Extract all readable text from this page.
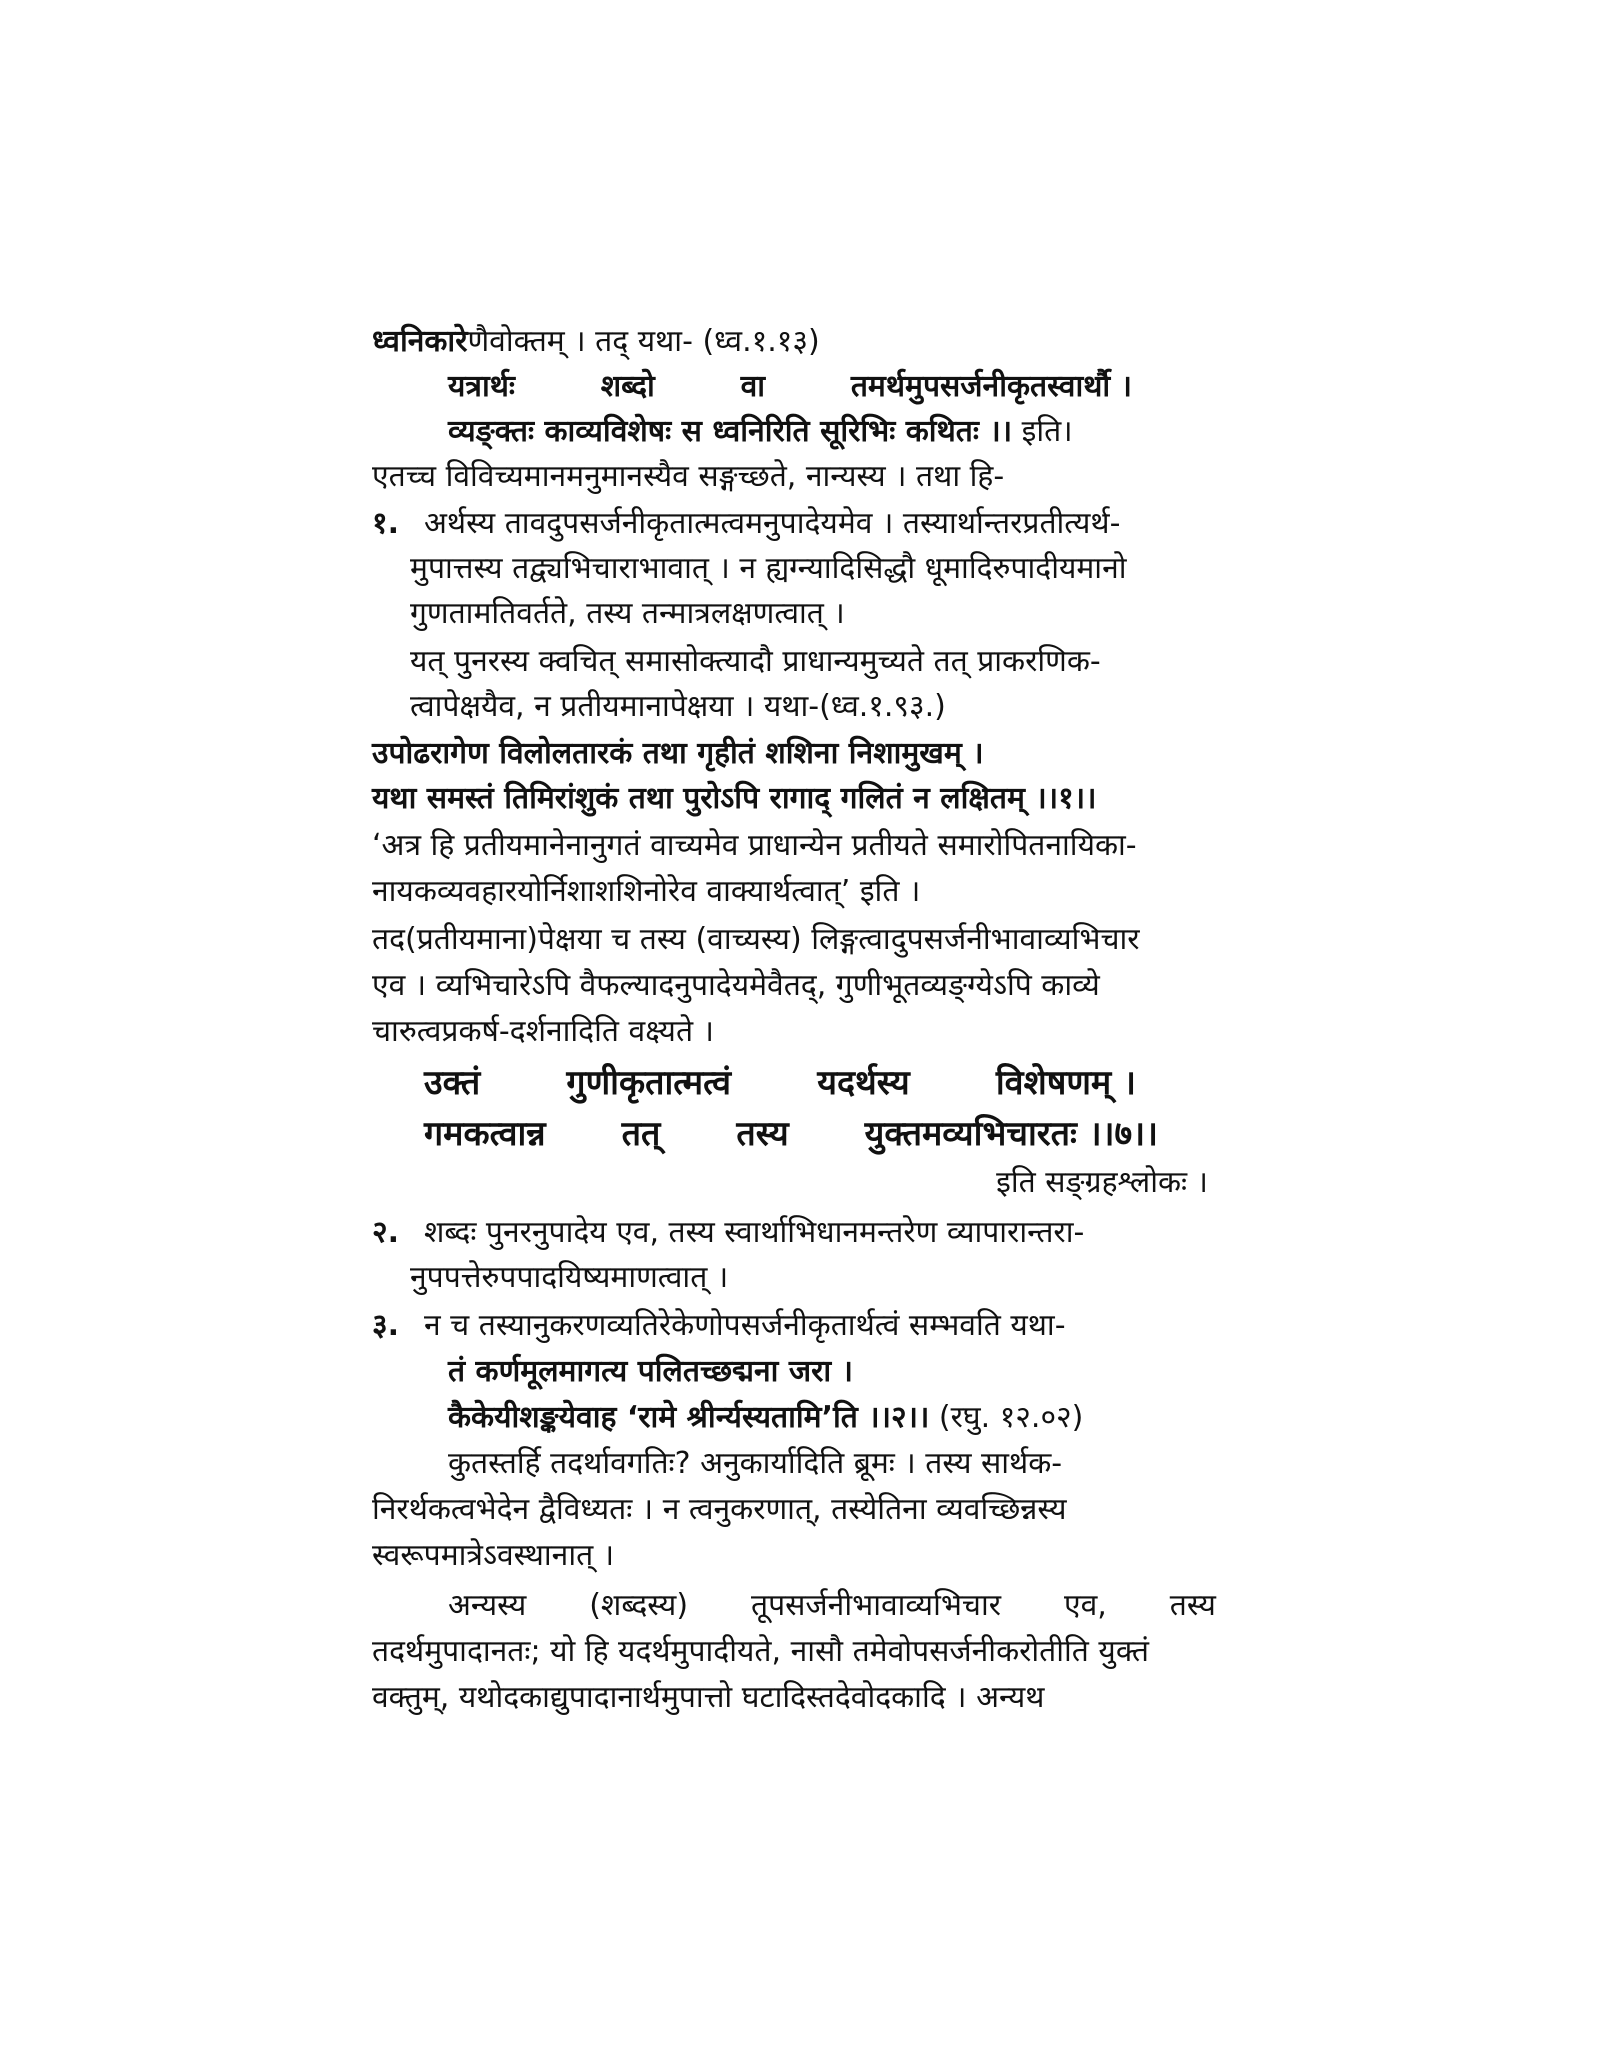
ध्वनिकारेणैवोक्तम् । तद् यथा- (ध्व.१.१३)
यत्रार्थः	शब्दो	वा	तमर्थमुपसर्जनीकृतस्वार्थौ ।
व्यङ्क्तः काव्यविशेषः स ध्वनिरिति सूरिभिः कथितः ।। इति।
एतच्च विविच्यमानमनुमानस्यैव सङ्गच्छते, नान्यस्य । तथा हि-
१. अर्थस्य तावदुपसर्जनीकृतात्मत्वमनुपादेयमेव । तस्यार्थान्तरप्रतीत्यर्थ-
मुपात्तस्य तद्व्यभिचाराभावात् । न ह्यग्न्यादिसिद्धौ धूमादिरुपादीयमानो
गुणतामतिवर्तते, तस्य तन्मात्रलक्षणत्वात् ।
यत् पुनरस्य क्वचित् समासोक्त्यादौ प्राधान्यमुच्यते तत् प्राकरणिक-
त्वापेक्षयैव, न प्रतीयमानापेक्षया । यथा-(ध्व.१.९३.)
उपोढरागेण विलोलतारकं तथा गृहीतं शशिना निशामुखम् ।
यथा समस्तं तिमिरांशुकं तथा पुरोऽपि रागाद् गलितं न लक्षितम् ।।१।।
‘अत्र हि प्रतीयमानेनानुगतं वाच्यमेव प्राधान्येन प्रतीयते समारोपितनायिका-
नायकव्यवहारयोर्निशाशशिनोरेव वाक्यार्थत्वात्’ इति ।
तद(प्रतीयमाना)पेक्षया च तस्य (वाच्यस्य) लिङ्गत्वादुपसर्जनीभावाव्यभिचार
एव । व्यभिचारेऽपि वैफल्यादनुपादेयमेवैतद्, गुणीभूतव्यङ्ग्येऽपि काव्ये
चारुत्वप्रकर्ष-दर्शनादिति वक्ष्यते ।
उक्तं	गुणीकृतात्मत्वं	यदर्थस्य	विशेषणम् ।
गमकत्वान्न तत् तस्य युक्तमव्यभिचारतः ।।७।।
इति सङ्ग्रहश्लोकः ।
२. शब्दः पुनरनुपादेय एव, तस्य स्वार्थाभिधानमन्तरेण व्यापारान्तरा-
नुपपत्तेरुपपादयिष्यमाणत्वात् ।
३. न च तस्यानुकरणव्यतिरेकेणोपसर्जनीकृतार्थत्वं सम्भवति यथा-
तं कर्णमूलमागत्य पलितच्छद्मना जरा ।
कैकेयीशङ्कयेवाह ‘रामे श्रीर्न्यस्यतामि’ति ।।२।। (रघु. १२.०२)
कुतस्तर्हि तदर्थावगतिः? अनुकार्यादिति ब्रूमः । तस्य सार्थक-
निरर्थकत्वभेदेन द्वैविध्यतः । न त्वनुकरणात्, तस्येतिना व्यवच्छिन्नस्य
स्वरूपमात्रेऽवस्थानात् ।
अन्यस्य (शब्दस्य) तूपसर्जनीभावाव्यभिचार एव, तस्य
तदर्थमुपादानतः; यो हि यदर्थमुपादीयते, नासौ तमेवोपसर्जनीकरोतीति युक्तं
वक्तुम्, यथोदकाद्युपादानार्थमुपात्तो घटादिस्तदेवोदकादि । अन्यथ
